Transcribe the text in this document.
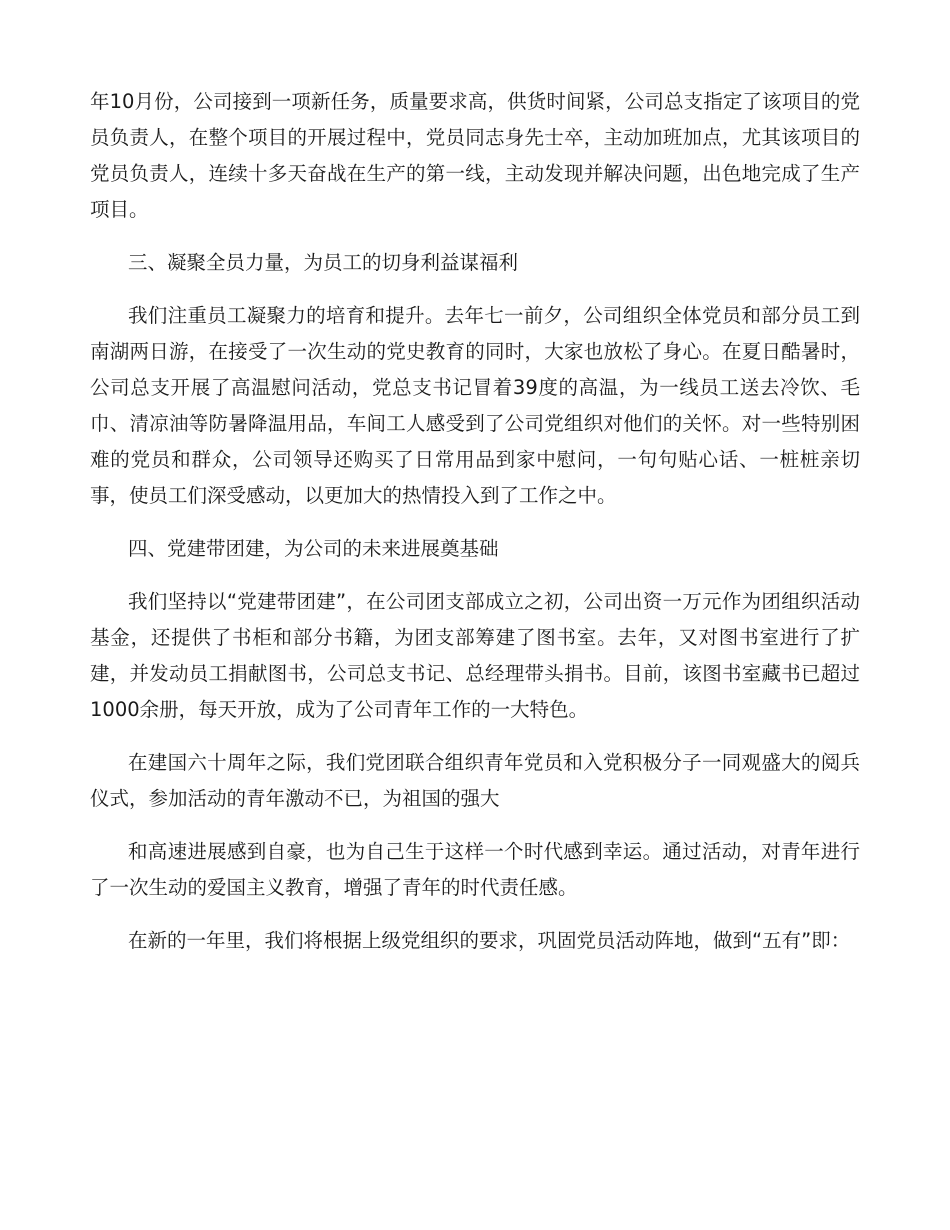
年10月份，公司接到一项新任务，质量要求高，供货时间紧，公司总支指定了该项目的党员负责人，在整个项目的开展过程中，党员同志身先士卒，主动加班加点，尤其该项目的党员负责人，连续十多天奋战在生产的第一线，主动发现并解决问题，出色地完成了生产项目。

三、凝聚全员力量，为员工的切身利益谋福利

我们注重员工凝聚力的培育和提升。去年七一前夕，公司组织全体党员和部分员工到南湖两日游，在接受了一次生动的党史教育的同时，大家也放松了身心。在夏日酷暑时，公司总支开展了高温慰问活动，党总支书记冒着39度的高温，为一线员工送去冷饮、毛巾、清凉油等防暑降温用品，车间工人感受到了公司党组织对他们的关怀。对一些特别困难的党员和群众，公司领导还购买了日常用品到家中慰问，一句句贴心话、一桩桩亲切事，使员工们深受感动，以更加大的热情投入到了工作之中。

四、党建带团建，为公司的未来进展奠基础

我们坚持以“党建带团建”，在公司团支部成立之初，公司出资一万元作为团组织活动基金，还提供了书柜和部分书籍，为团支部筹建了图书室。去年，又对图书室进行了扩建，并发动员工捐献图书，公司总支书记、总经理带头捐书。目前，该图书室藏书已超过1000余册，每天开放，成为了公司青年工作的一大特色。

在建国六十周年之际，我们党团联合组织青年党员和入党积极分子一同观盛大的阅兵仪式，参加活动的青年激动不已，为祖国的强大

和高速进展感到自豪，也为自己生于这样一个时代感到幸运。通过活动，对青年进行了一次生动的爱国主义教育，增强了青年的时代责任感。

在新的一年里，我们将根据上级党组织的要求，巩固党员活动阵地，做到“五有”即：
